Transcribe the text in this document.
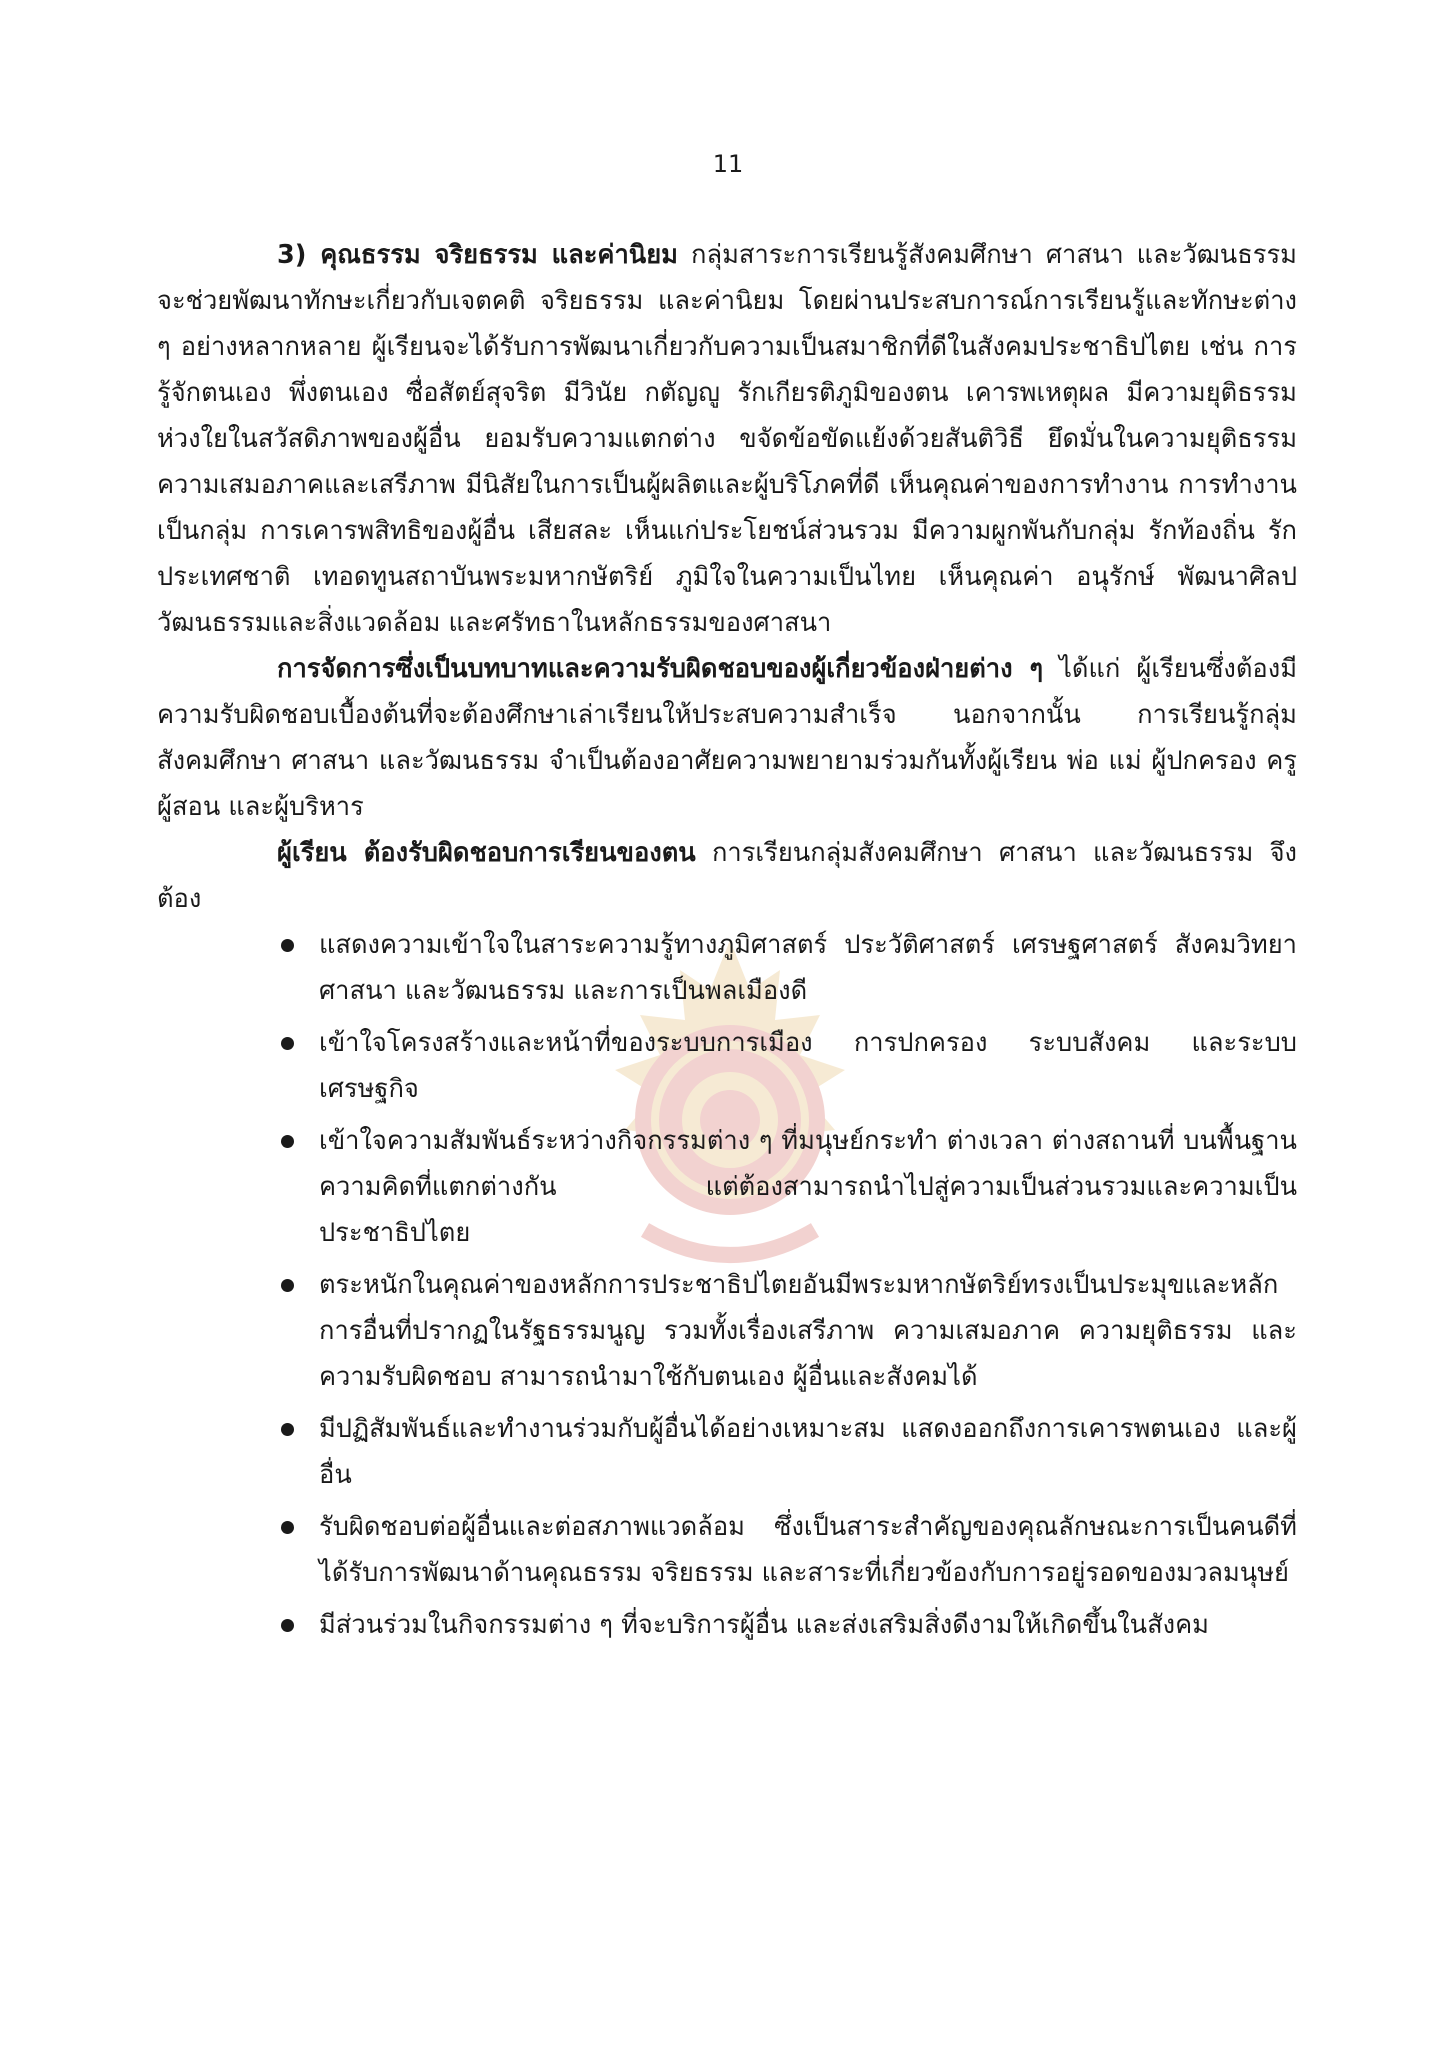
11

3) คุณธรรม จริยธรรม และค่านิยม กลุ่มสาระการเรียนรู้สังคมศึกษา ศาสนา และวัฒนธรรม จะช่วยพัฒนาทักษะเกี่ยวกับเจตคติ จริยธรรม และค่านิยม โดยผ่านประสบการณ์การเรียนรู้และทักษะต่าง ๆ อย่างหลากหลาย ผู้เรียนจะได้รับการพัฒนาเกี่ยวกับความเป็นสมาชิกที่ดีในสังคมประชาธิปไตย เช่น การรู้จักตนเอง พึ่งตนเอง ซื่อสัตย์สุจริต มีวินัย กตัญญู รักเกียรติภูมิของตน เคารพเหตุผล มีความยุติธรรม ห่วงใยในสวัสดิภาพของผู้อื่น ยอมรับความแตกต่าง ขจัดข้อขัดแย้งด้วยสันติวิธี ยึดมั่นในความยุติธรรม ความเสมอภาคและเสรีภาพ มีนิสัยในการเป็นผู้ผลิตและผู้บริโภคที่ดี เห็นคุณค่าของการทำงาน การทำงานเป็นกลุ่ม การเคารพสิทธิของผู้อื่น เสียสละ เห็นแก่ประโยชน์ส่วนรวม มีความผูกพันกับกลุ่ม รักท้องถิ่น รักประเทศชาติ เทอดทูนสถาบันพระมหากษัตริย์ ภูมิใจในความเป็นไทย เห็นคุณค่า อนุรักษ์ พัฒนาศิลปวัฒนธรรมและสิ่งแวดล้อม และศรัทธาในหลักธรรมของศาสนา

การจัดการซึ่งเป็นบทบาทและความรับผิดชอบของผู้เกี่ยวข้องฝ่ายต่าง ๆ ได้แก่ ผู้เรียนซึ่งต้องมีความรับผิดชอบเบื้องต้นที่จะต้องศึกษาเล่าเรียนให้ประสบความสำเร็จ นอกจากนั้น การเรียนรู้กลุ่มสังคมศึกษา ศาสนา และวัฒนธรรม จำเป็นต้องอาศัยความพยายามร่วมกันทั้งผู้เรียน พ่อ แม่ ผู้ปกครอง ครูผู้สอน และผู้บริหาร

ผู้เรียน ต้องรับผิดชอบการเรียนของตน การเรียนกลุ่มสังคมศึกษา ศาสนา และวัฒนธรรม จึงต้อง

แสดงความเข้าใจในสาระความรู้ทางภูมิศาสตร์ ประวัติศาสตร์ เศรษฐศาสตร์ สังคมวิทยา ศาสนา และวัฒนธรรม และการเป็นพลเมืองดี
เข้าใจโครงสร้างและหน้าที่ของระบบการเมือง การปกครอง ระบบสังคม และระบบเศรษฐกิจ
เข้าใจความสัมพันธ์ระหว่างกิจกรรมต่าง ๆ ที่มนุษย์กระทำ ต่างเวลา ต่างสถานที่ บนพื้นฐานความคิดที่แตกต่างกัน แต่ต้องสามารถนำไปสู่ความเป็นส่วนรวมและความเป็นประชาธิปไตย
ตระหนักในคุณค่าของหลักการประชาธิปไตยอันมีพระมหากษัตริย์ทรงเป็นประมุขและหลักการอื่นที่ปรากฏในรัฐธรรมนูญ รวมทั้งเรื่องเสรีภาพ ความเสมอภาค ความยุติธรรม และความรับผิดชอบ สามารถนำมาใช้กับตนเอง ผู้อื่นและสังคมได้
มีปฏิสัมพันธ์และทำงานร่วมกับผู้อื่นได้อย่างเหมาะสม แสดงออกถึงการเคารพตนเอง และผู้อื่น
รับผิดชอบต่อผู้อื่นและต่อสภาพแวดล้อม ซึ่งเป็นสาระสำคัญของคุณลักษณะการเป็นคนดีที่ได้รับการพัฒนาด้านคุณธรรม จริยธรรม และสาระที่เกี่ยวข้องกับการอยู่รอดของมวลมนุษย์
มีส่วนร่วมในกิจกรรมต่าง ๆ ที่จะบริการผู้อื่น และส่งเสริมสิ่งดีงามให้เกิดขึ้นในสังคม
